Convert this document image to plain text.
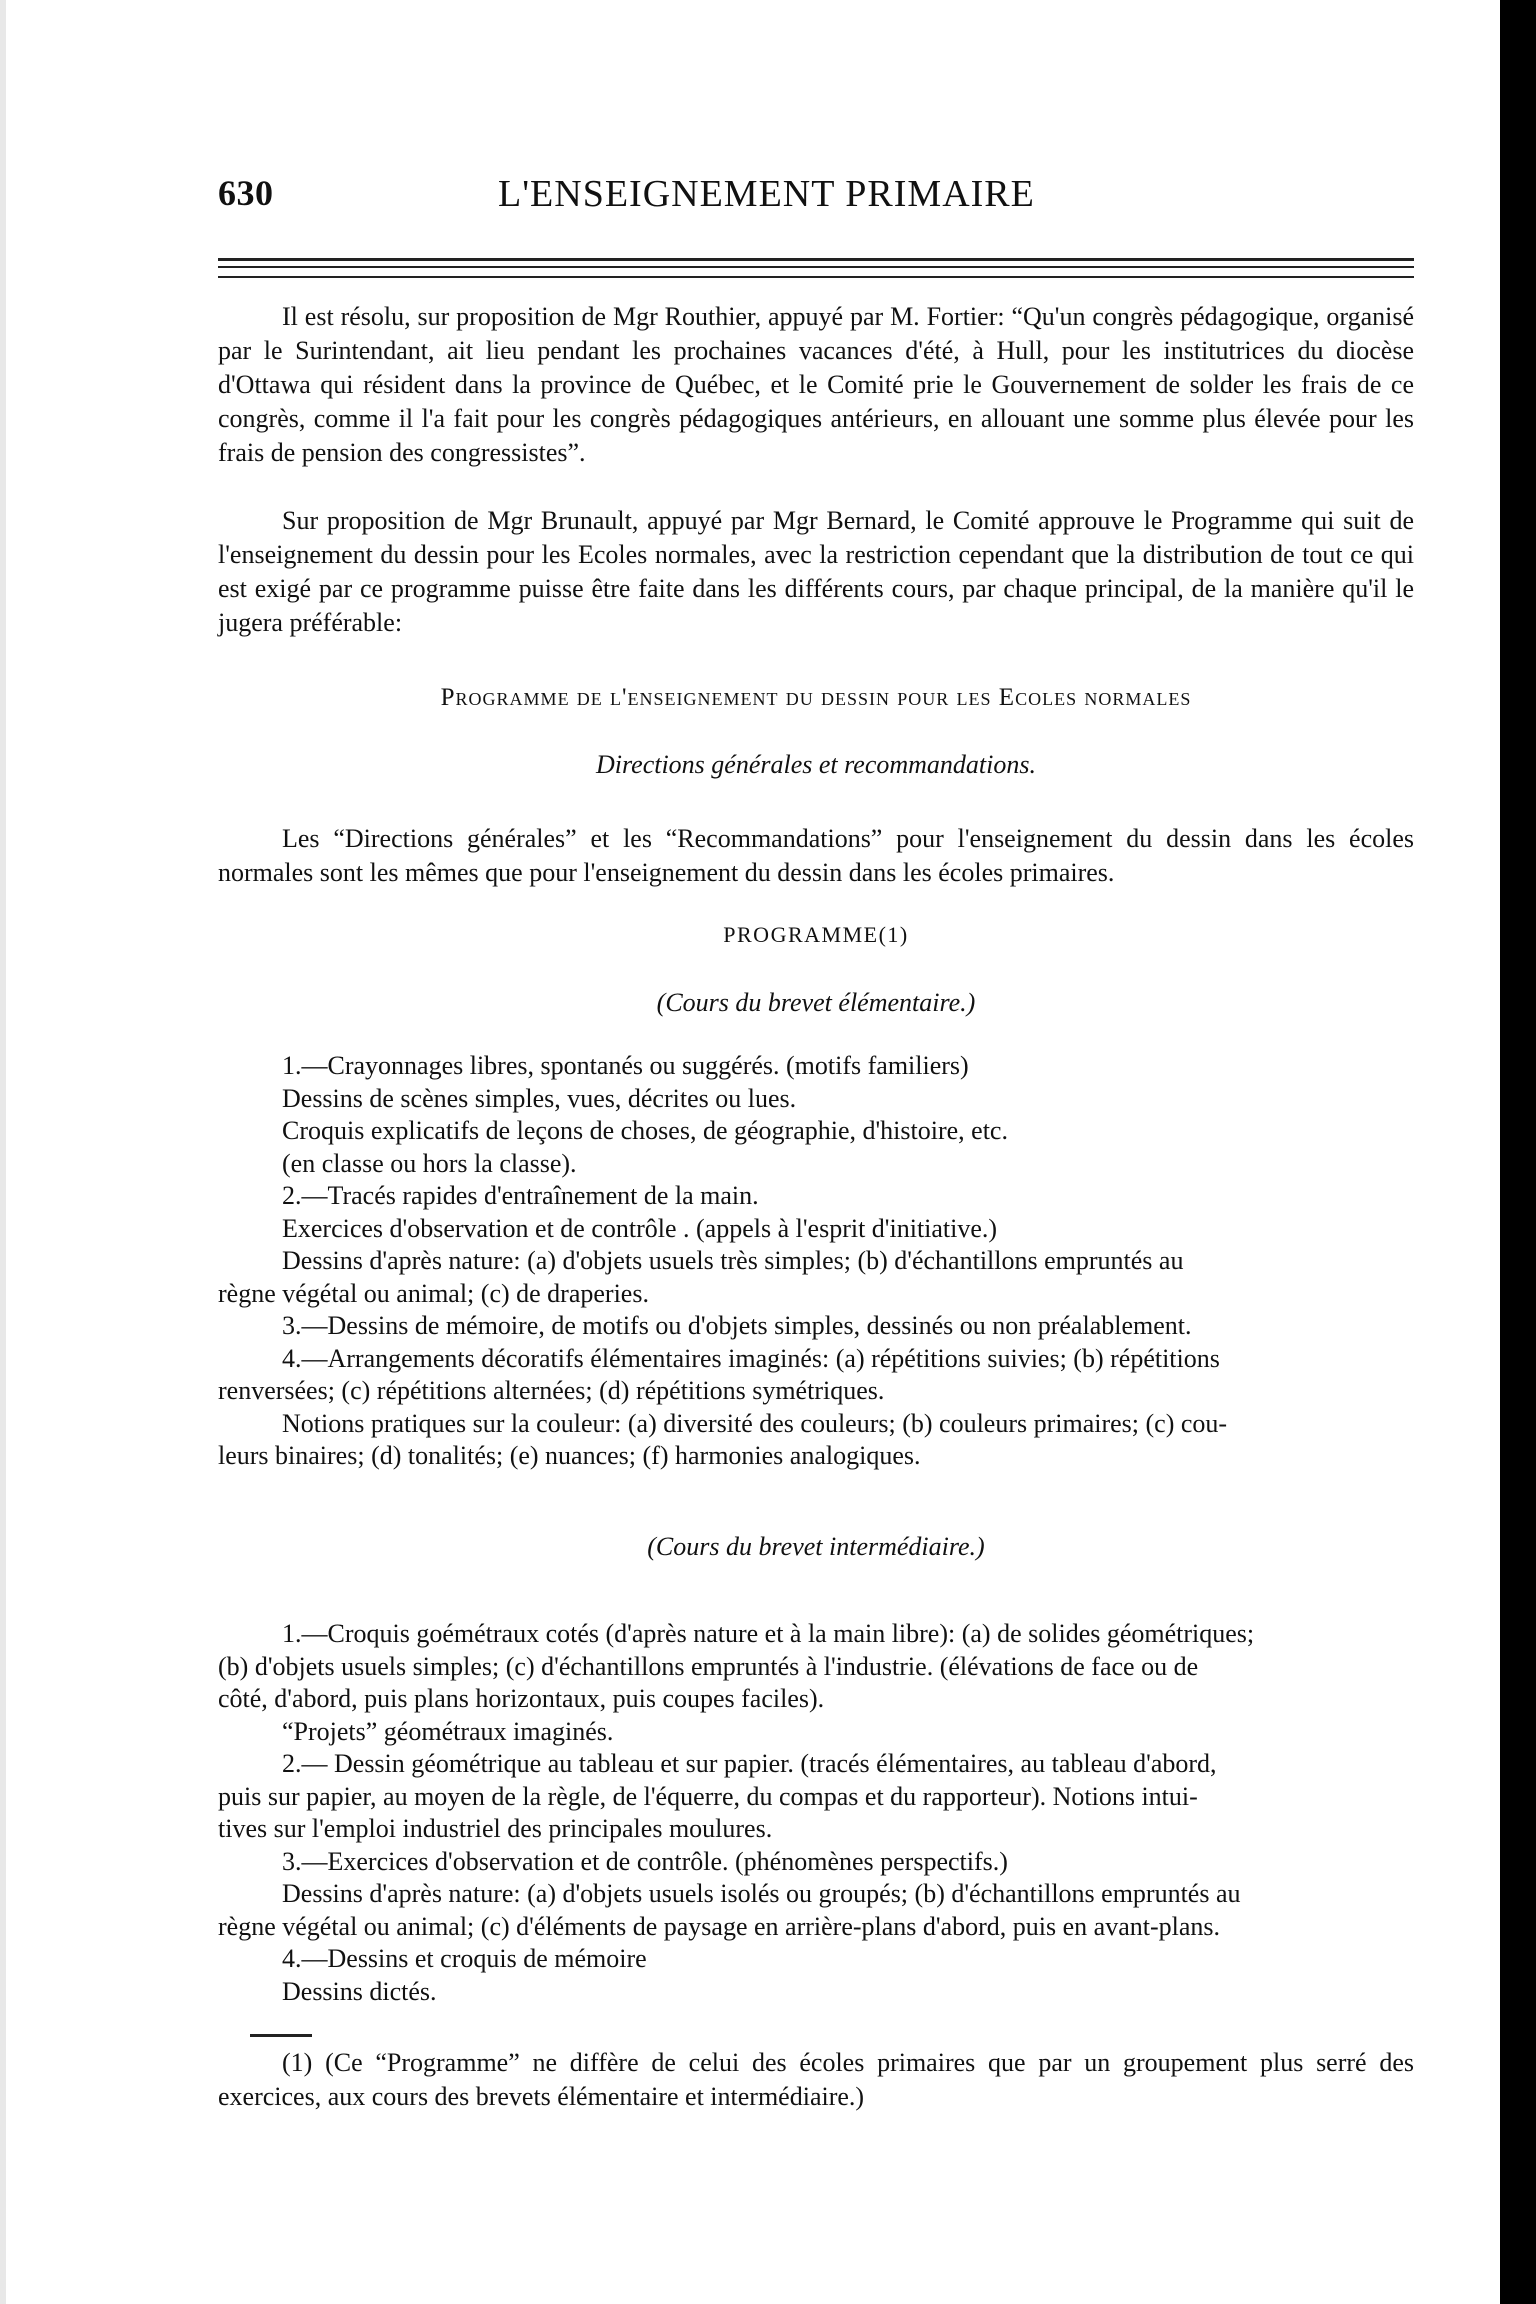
630	L'ENSEIGNEMENT PRIMAIRE

Il est résolu, sur proposition de Mgr Routhier, appuyé par M. Fortier: “Qu'un congrès pédagogique, organisé par le Surintendant, ait lieu pendant les prochaines vacances d'été, à Hull, pour les institutrices du diocèse d'Ottawa qui résident dans la province de Québec, et le Comité prie le Gouvernement de solder les frais de ce congrès, comme il l'a fait pour les congrès pédagogiques antérieurs, en allouant une somme plus élevée pour les frais de pension des congressistes”.

Sur proposition de Mgr Brunault, appuyé par Mgr Bernard, le Comité approuve le Programme qui suit de l'enseignement du dessin pour les Ecoles normales, avec la restriction cependant que la distribution de tout ce qui est exigé par ce programme puisse être faite dans les différents cours, par chaque principal, de la manière qu'il le jugera préférable:

Programme de l'enseignement du dessin pour les Ecoles normales
Directions générales et recommandations.

Les “Directions générales” et les “Recommandations” pour l'enseignement du dessin dans les écoles normales sont les mêmes que pour l'enseignement du dessin dans les écoles primaires.

PROGRAMME(1)
(Cours du brevet élémentaire.)

1.—Crayonnages libres, spontanés ou suggérés. (motifs familiers)

Dessins de scènes simples, vues, décrites ou lues.

Croquis explicatifs de leçons de choses, de géographie, d'histoire, etc.

(en classe ou hors la classe).

2.—Tracés rapides d'entraînement de la main.

Exercices d'observation et de contrôle . (appels à l'esprit d'initiative.)

Dessins d'après nature: (a) d'objets usuels très simples; (b) d'échantillons empruntés au

règne végétal ou animal; (c) de draperies.

3.—Dessins de mémoire, de motifs ou d'objets simples, dessinés ou non préalablement.

4.—Arrangements décoratifs élémentaires imaginés: (a) répétitions suivies; (b) répétitions

renversées; (c) répétitions alternées; (d) répétitions symétriques.

Notions pratiques sur la couleur: (a) diversité des couleurs; (b) couleurs primaires; (c) cou-

leurs binaires; (d) tonalités; (e) nuances; (f) harmonies analogiques.

(Cours du brevet intermédiaire.)

1.—Croquis goémétraux cotés (d'après nature et à la main libre): (a) de solides géométriques;

(b) d'objets usuels simples; (c) d'échantillons empruntés à l'industrie. (élévations de face ou de

côté, d'abord, puis plans horizontaux, puis coupes faciles).

“Projets” géométraux imaginés.

2.— Dessin géométrique au tableau et sur papier. (tracés élémentaires, au tableau d'abord,

puis sur papier, au moyen de la règle, de l'équerre, du compas et du rapporteur). Notions intui-

tives sur l'emploi industriel des principales moulures.

3.—Exercices d'observation et de contrôle. (phénomènes perspectifs.)

Dessins d'après nature: (a) d'objets usuels isolés ou groupés; (b) d'échantillons empruntés au

règne végétal ou animal; (c) d'éléments de paysage en arrière-plans d'abord, puis en avant-plans.

4.—Dessins et croquis de mémoire

Dessins dictés.

(1) (Ce “Programme” ne diffère de celui des écoles primaires que par un groupement plus serré des exercices, aux cours des brevets élémentaire et intermédiaire.)
